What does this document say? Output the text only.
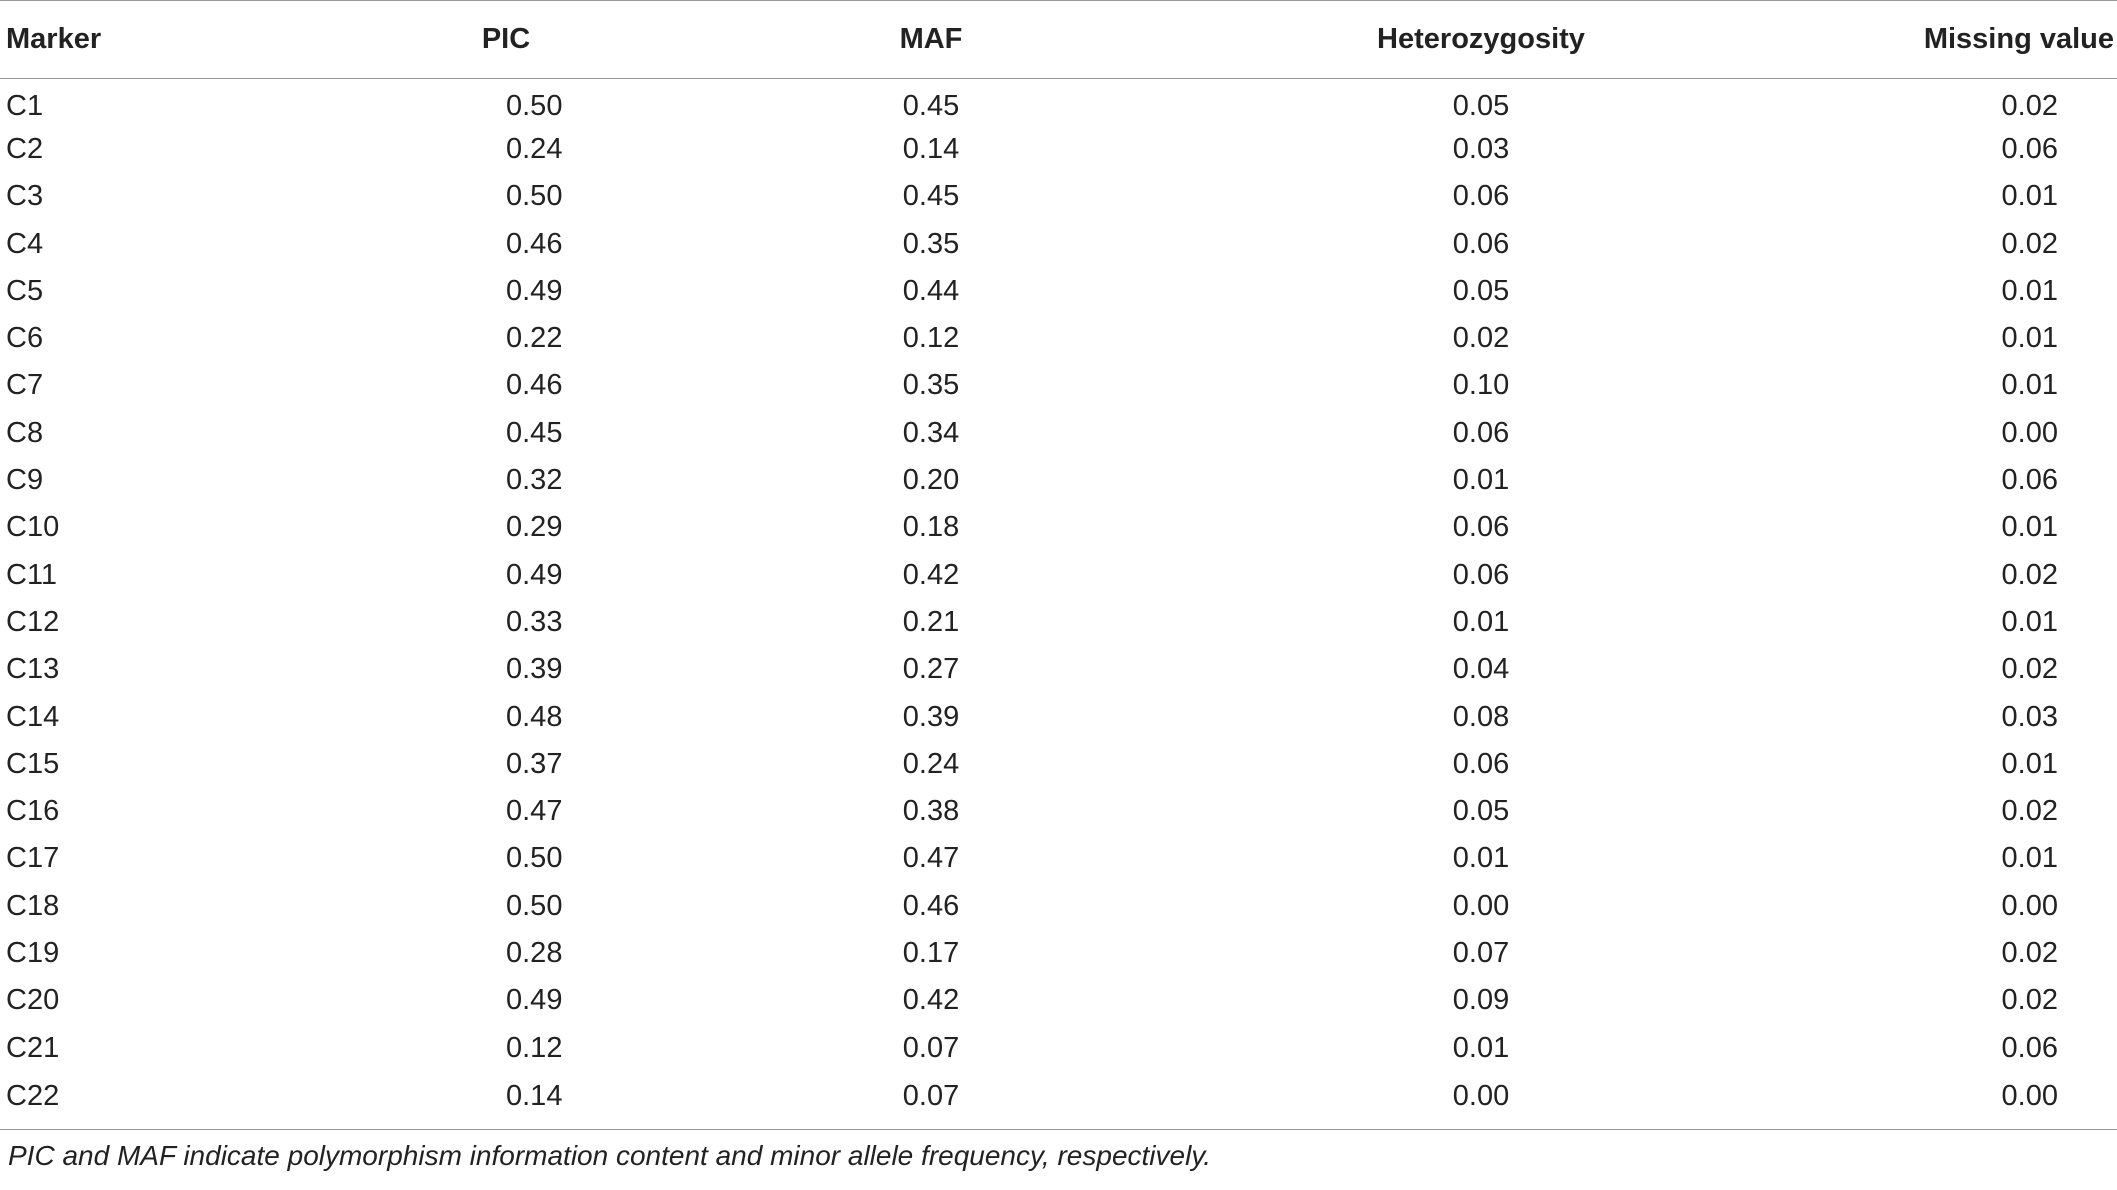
Marker	PIC	MAF	Heterozygosity	Missing value
C1	0.50	0.45	0.05	0.02
C2	0.24	0.14	0.03	0.06
C3	0.50	0.45	0.06	0.01
C4	0.46	0.35	0.06	0.02
C5	0.49	0.44	0.05	0.01
C6	0.22	0.12	0.02	0.01
C7	0.46	0.35	0.10	0.01
C8	0.45	0.34	0.06	0.00
C9	0.32	0.20	0.01	0.06
C10	0.29	0.18	0.06	0.01
C11	0.49	0.42	0.06	0.02
C12	0.33	0.21	0.01	0.01
C13	0.39	0.27	0.04	0.02
C14	0.48	0.39	0.08	0.03
C15	0.37	0.24	0.06	0.01
C16	0.47	0.38	0.05	0.02
C17	0.50	0.47	0.01	0.01
C18	0.50	0.46	0.00	0.00
C19	0.28	0.17	0.07	0.02
C20	0.49	0.42	0.09	0.02
C21	0.12	0.07	0.01	0.06
C22	0.14	0.07	0.00	0.00
PIC and MAF indicate polymorphism information content and minor allele frequency, respectively.
